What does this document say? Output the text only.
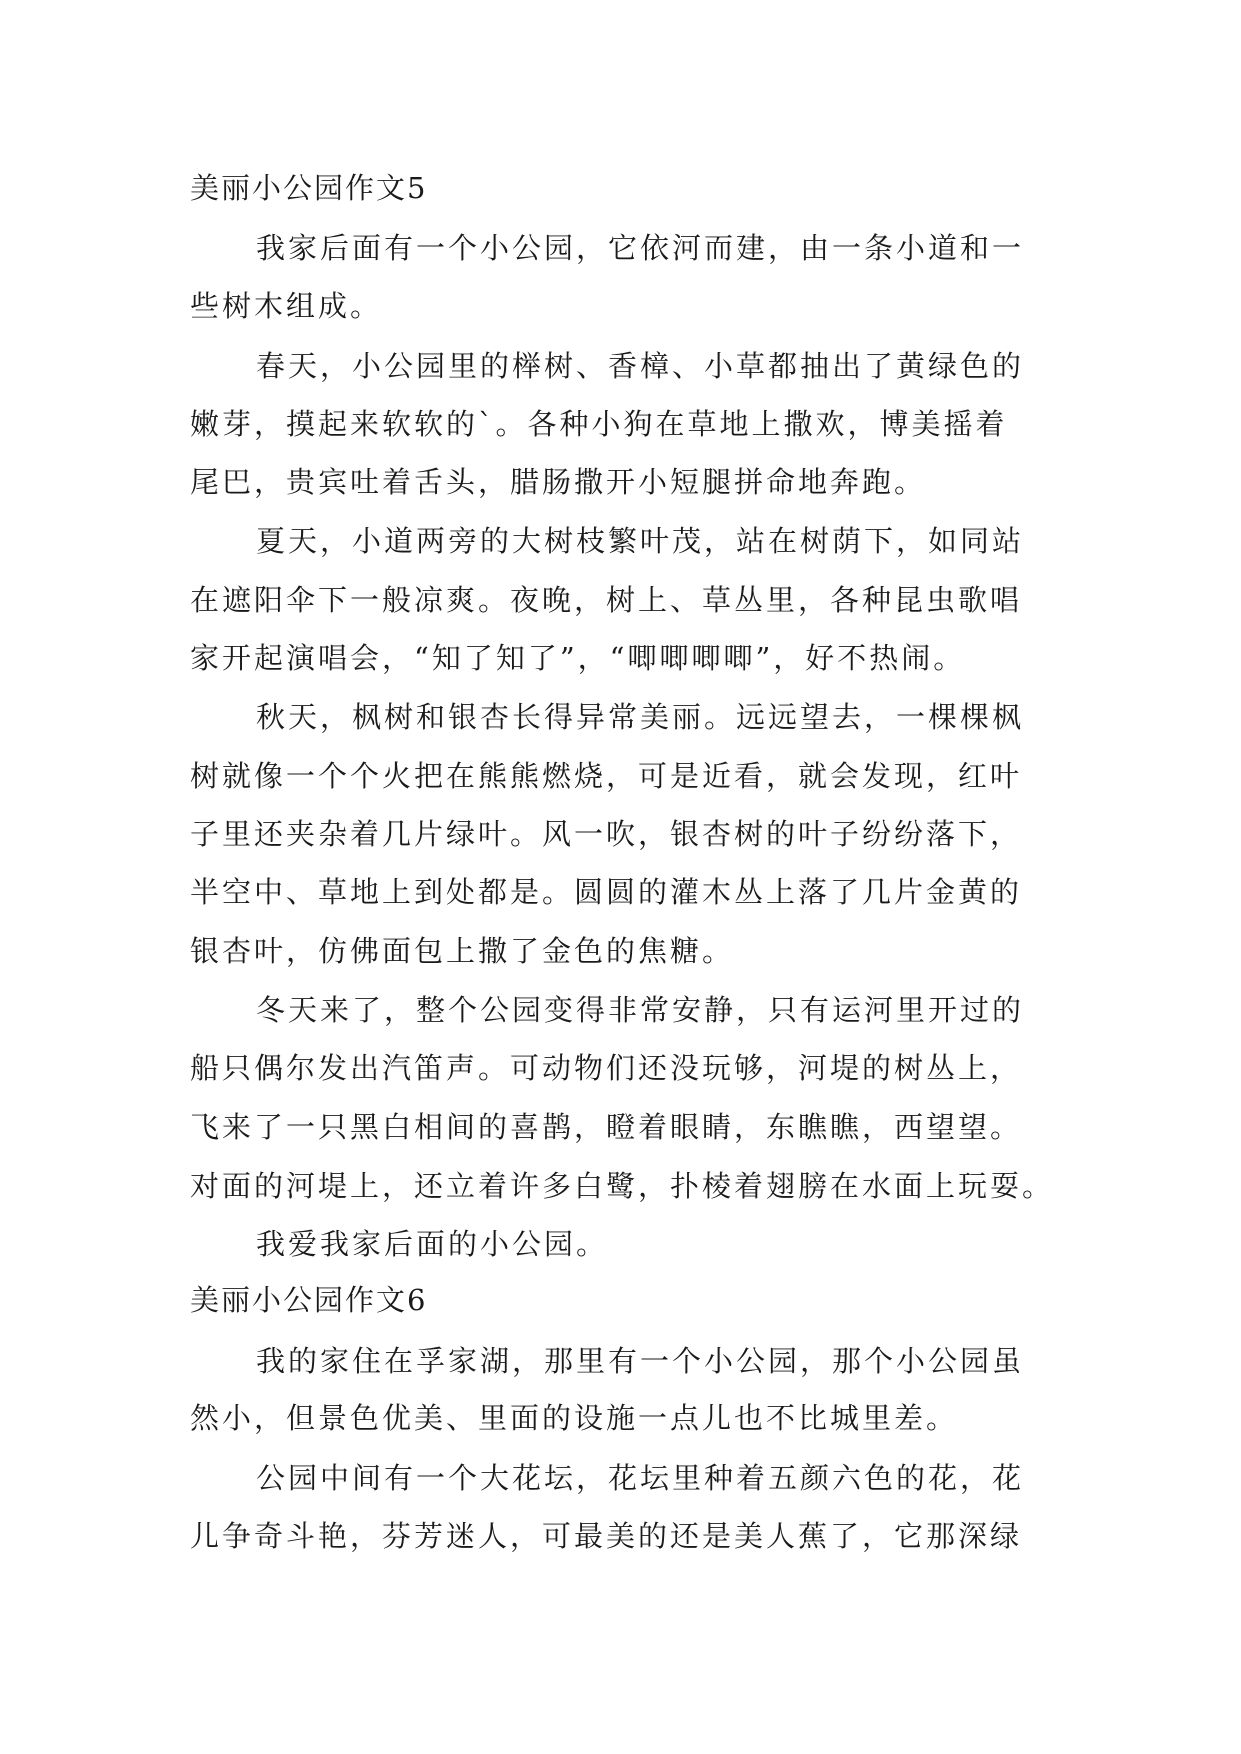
美丽小公园作文5
我家后面有一个小公园，它依河而建，由一条小道和一
些树木组成。
春天，小公园里的榉树、香樟、小草都抽出了黄绿色的
嫩芽，摸起来软软的`。各种小狗在草地上撒欢，博美摇着
尾巴，贵宾吐着舌头，腊肠撒开小短腿拼命地奔跑。
夏天，小道两旁的大树枝繁叶茂，站在树荫下，如同站
在遮阳伞下一般凉爽。夜晚，树上、草丛里，各种昆虫歌唱
家开起演唱会，“知了知了”，“唧唧唧唧”，好不热闹。
秋天，枫树和银杏长得异常美丽。远远望去，一棵棵枫
树就像一个个火把在熊熊燃烧，可是近看，就会发现，红叶
子里还夹杂着几片绿叶。风一吹，银杏树的叶子纷纷落下，
半空中、草地上到处都是。圆圆的灌木丛上落了几片金黄的
银杏叶，仿佛面包上撒了金色的焦糖。
冬天来了，整个公园变得非常安静，只有运河里开过的
船只偶尔发出汽笛声。可动物们还没玩够，河堤的树丛上，
飞来了一只黑白相间的喜鹊，瞪着眼睛，东瞧瞧，西望望。
对面的河堤上，还立着许多白鹭，扑棱着翅膀在水面上玩耍。
我爱我家后面的小公园。
美丽小公园作文6
我的家住在孚家湖，那里有一个小公园，那个小公园虽
然小，但景色优美、里面的设施一点儿也不比城里差。
公园中间有一个大花坛，花坛里种着五颜六色的花，花
儿争奇斗艳，芬芳迷人，可最美的还是美人蕉了，它那深绿
